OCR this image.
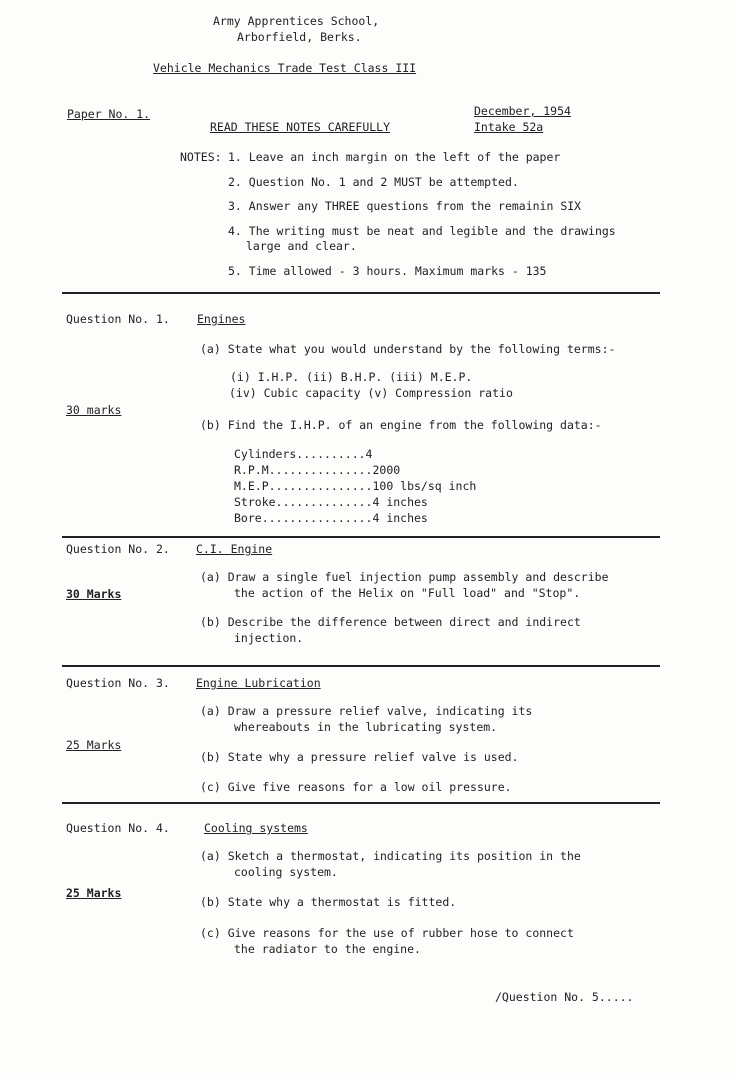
Army Apprentices School,
Arborfield, Berks.
Vehicle Mechanics Trade Test Class III
Paper No. 1.
READ THESE NOTES CAREFULLY
December, 1954
Intake 52a
NOTES: 1. Leave an inch margin on the left of the paper
2. Question No. 1 and 2 MUST be attempted.
3. Answer any THREE questions from the remainin SIX
4. The writing must be neat and legible and the drawings
large and clear.
5. Time allowed - 3 hours. Maximum marks - 135
Question No. 1. Engines
(a) State what you would understand by the following terms:-
(i) I.H.P. (ii) B.H.P. (iii) M.E.P.
(iv) Cubic capacity (v) Compression ratio
30 marks
(b) Find the I.H.P. of an engine from the following data:-
Cylinders..........4
R.P.M...............2000
M.E.P...............100 lbs/sq inch
Stroke..............4 inches
Bore................4 inches
Question No. 2. C.I. Engine
(a) Draw a single fuel injection pump assembly and describe
the action of the Helix on "Full load" and "Stop".
30 Marks
(b) Describe the difference between direct and indirect
injection.
Question No. 3. Engine Lubrication
(a) Draw a pressure relief valve, indicating its
whereabouts in the lubricating system.
25 Marks
(b) State why a pressure relief valve is used.
(c) Give five reasons for a low oil pressure.
Question No. 4.	Cooling systems
(a) Sketch a thermostat, indicating its position in the
cooling system.
25 Marks
(b) State why a thermostat is fitted.
(c) Give reasons for the use of rubber hose to connect
the radiator to the engine.
/Question No. 5.....
